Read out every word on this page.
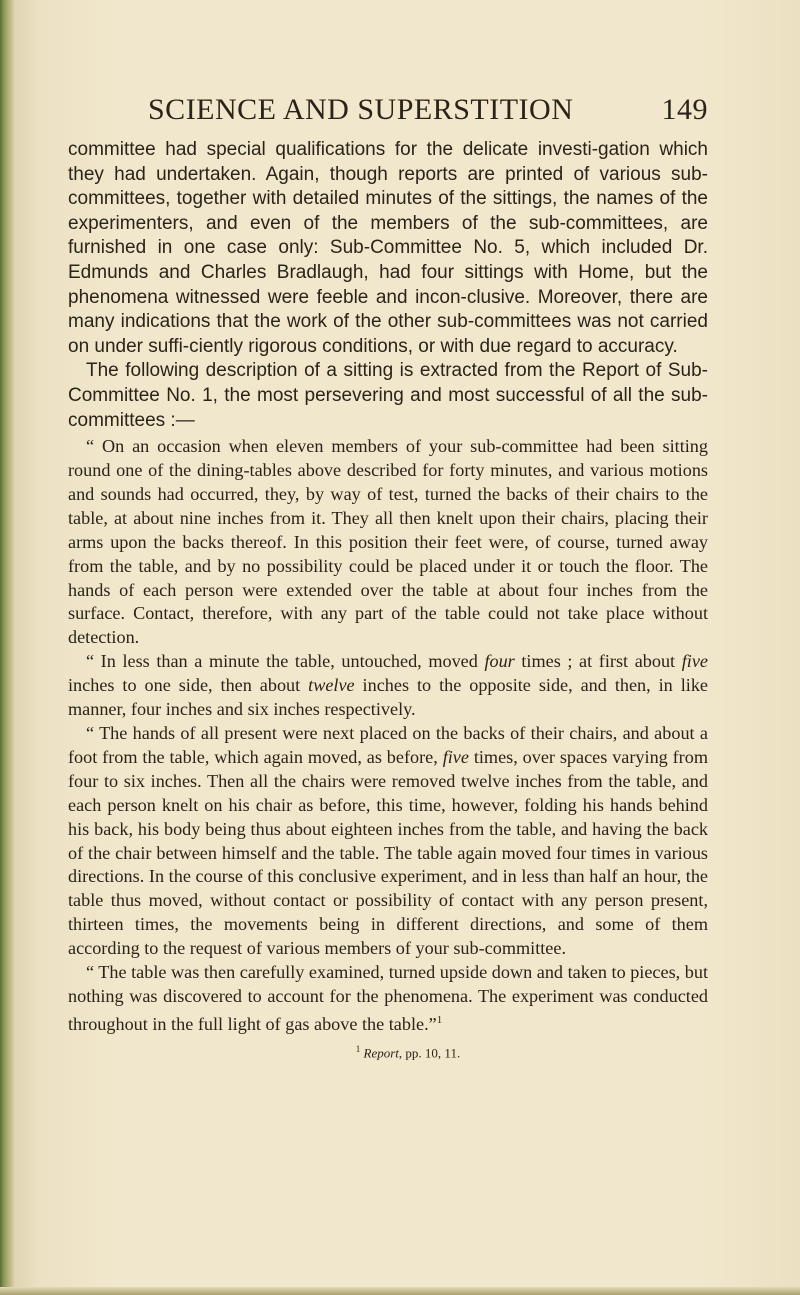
SCIENCE AND SUPERSTITION	149

committee had special qualifications for the delicate investi-gation which they had undertaken. Again, though reports are printed of various sub-committees, together with detailed minutes of the sittings, the names of the experimenters, and even of the members of the sub-committees, are furnished in one case only: Sub-Committee No. 5, which included Dr. Edmunds and Charles Bradlaugh, had four sittings with Home, but the phenomena witnessed were feeble and incon-clusive. Moreover, there are many indications that the work of the other sub-committees was not carried on under suffi-ciently rigorous conditions, or with due regard to accuracy.

The following description of a sitting is extracted from the Report of Sub-Committee No. 1, the most persevering and most successful of all the sub-committees :—

“ On an occasion when eleven members of your sub-committee had been sitting round one of the dining-tables above described for forty minutes, and various motions and sounds had occurred, they, by way of test, turned the backs of their chairs to the table, at about nine inches from it. They all then knelt upon their chairs, placing their arms upon the backs thereof. In this position their feet were, of course, turned away from the table, and by no possibility could be placed under it or touch the floor. The hands of each person were extended over the table at about four inches from the surface. Contact, therefore, with any part of the table could not take place without detection.

“ In less than a minute the table, untouched, moved four times ; at first about five inches to one side, then about twelve inches to the opposite side, and then, in like manner, four inches and six inches respectively.

“ The hands of all present were next placed on the backs of their chairs, and about a foot from the table, which again moved, as before, five times, over spaces varying from four to six inches. Then all the chairs were removed twelve inches from the table, and each person knelt on his chair as before, this time, however, folding his hands behind his back, his body being thus about eighteen inches from the table, and having the back of the chair between himself and the table. The table again moved four times in various directions. In the course of this conclusive experiment, and in less than half an hour, the table thus moved, without contact or possibility of contact with any person present, thirteen times, the movements being in different directions, and some of them according to the request of various members of your sub-committee.

“ The table was then carefully examined, turned upside down and taken to pieces, but nothing was discovered to account for the phenomena. The experiment was conducted throughout in the full light of gas above the table.”$^1$

$^1$ Report, pp. 10, 11.
